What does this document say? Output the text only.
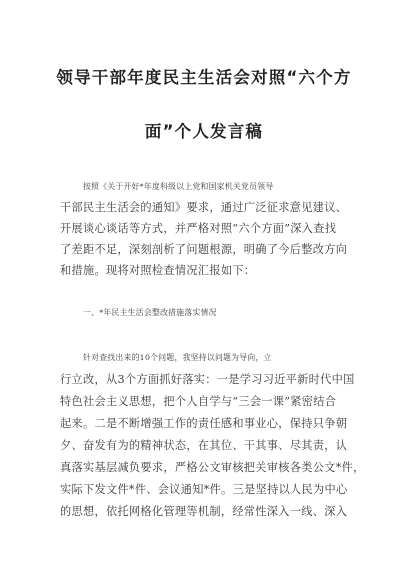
领导干部年度民主生活会对照“六个方
面”个人发言稿
按照《关于开好*年度科级以上党和国家机关党员领导
干部民主生活会的通知》要求，通过广泛征求意见建议、
开展谈心谈话等方式，并严格对照“六个方面”深入查找
了差距不足，深刻剖析了问题根源，明确了今后整改方向
和措施。现将对照检查情况汇报如下：
一、*年民主生活会整改措施落实情况
针对查找出来的10个问题，我坚持以问题为导向，立
行立改，从3个方面抓好落实：一是学习习近平新时代中国
特色社会主义思想，把个人自学与“三会一课”紧密结合
起来。二是不断增强工作的责任感和事业心，保持只争朝
夕、奋发有为的精神状态，在其位、干其事、尽其责，认
真落实基层减负要求，严格公文审核把关审核各类公文*件，
实际下发文件*件、会议通知*件。三是坚持以人民为中心
的思想，依托网格化管理等机制，经常性深入一线、深入
